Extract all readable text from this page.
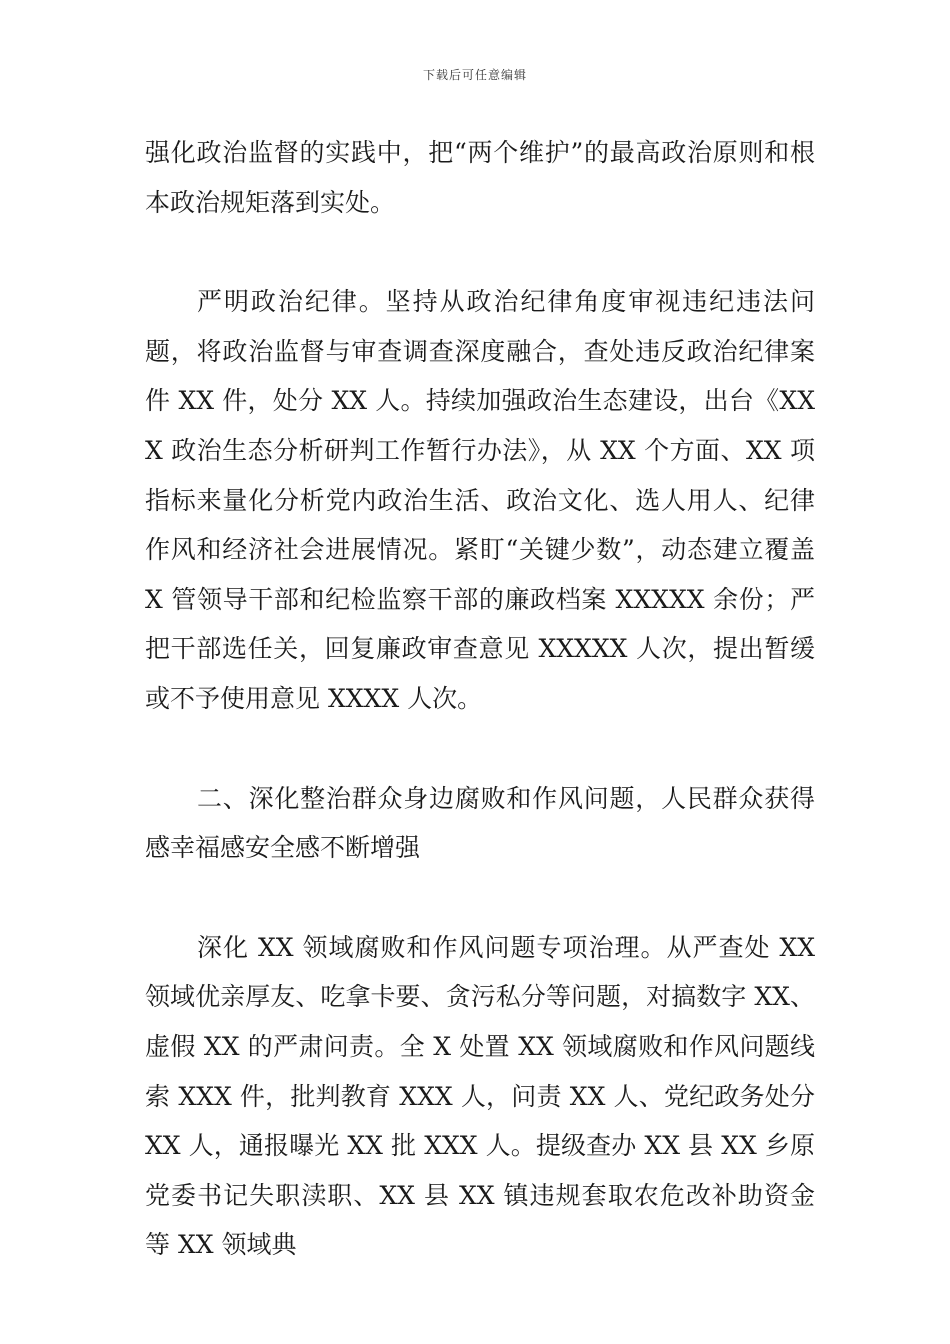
下载后可任意编辑

强化政治监督的实践中，把“两个维护”的最高政治原则和根本政治规矩落到实处。

严明政治纪律。坚持从政治纪律角度审视违纪违法问题，将政治监督与审查调查深度融合，查处违反政治纪律案件 XX 件，处分 XX 人。持续加强政治生态建设，出台《XXX 政治生态分析研判工作暂行办法》，从 XX 个方面、XX 项指标来量化分析党内政治生活、政治文化、选人用人、纪律作风和经济社会进展情况。紧盯“关键少数”，动态建立覆盖 X 管领导干部和纪检监察干部的廉政档案 XXXXX 余份；严把干部选任关，回复廉政审查意见 XXXXX 人次，提出暂缓或不予使用意见 XXXX 人次。

二、深化整治群众身边腐败和作风问题，人民群众获得感幸福感安全感不断增强

深化 XX 领域腐败和作风问题专项治理。从严查处 XX 领域优亲厚友、吃拿卡要、贪污私分等问题，对搞数字 XX、虚假 XX 的严肃问责。全 X 处置 XX 领域腐败和作风问题线索 XXX 件，批判教育 XXX 人，问责 XX 人、党纪政务处分 XX 人，通报曝光 XX 批 XXX 人。提级查办 XX 县 XX 乡原党委书记失职渎职、XX 县 XX 镇违规套取农危改补助资金等 XX 领域典
